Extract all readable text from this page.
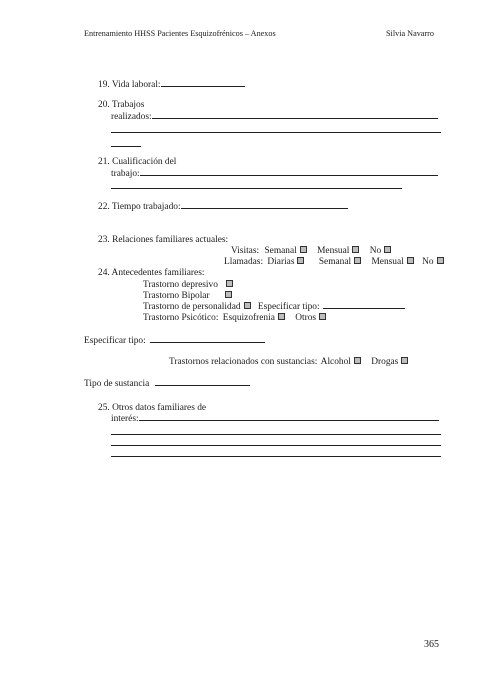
Entrenamiento HHSS Pacientes Esquizofrénicos – Anexos	Silvia Navarro
19. Vida laboral:
20. Trabajos
realizados:
21. Cualificación del
trabajo:
22. Tiempo trabajado:
23. Relaciones familiares actuales:
Visitas: Semanal Mensual No
Llamadas: Diarias	Semanal Mensual No
24. Antecedentes familiares:
Trastorno depresivo
Trastorno Bipolar
Trastorno de personalidad Especificar tipo:
Trastorno Psicótico: Esquizofrenia Otros
Especificar tipo:
Trastornos relacionados con sustancias: Alcohol Drogas
Tipo de sustancia
25. Otros datos familiares de
interés:
365
